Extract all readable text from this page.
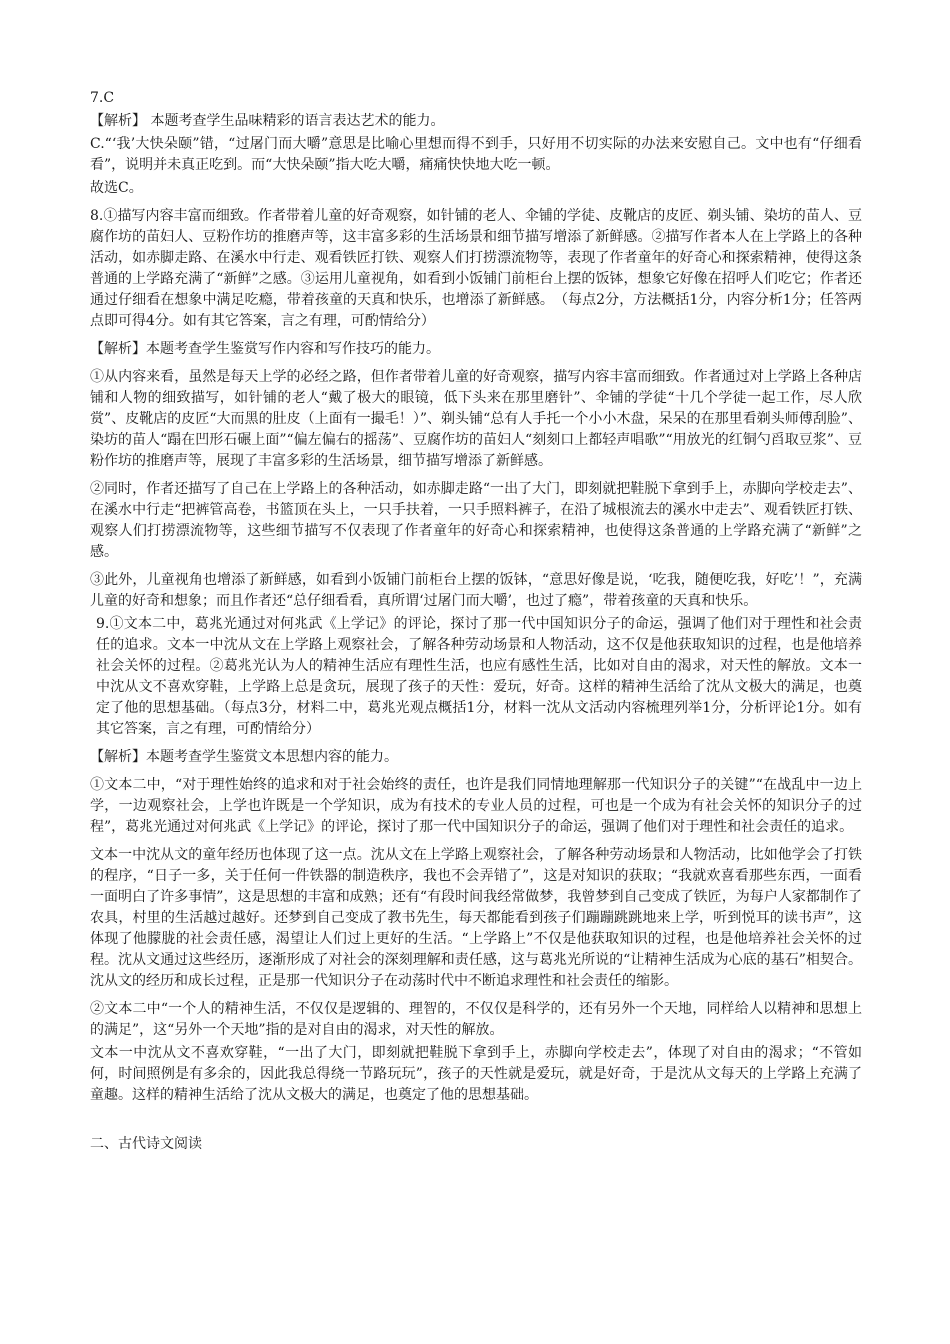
7.C

【解析】 本题考查学生品味精彩的语言表达艺术的能力。

C.“‘我’大快朵颐”错，“过屠门而大嚼”意思是比喻心里想而得不到手，只好用不切实际的办法来安慰自己。文中也有“仔细看看”，说明并未真正吃到。而“大快朵颐”指大吃大嚼，痛痛快快地大吃一顿。

故选C。

8.①描写内容丰富而细致。作者带着儿童的好奇观察，如针铺的老人、伞铺的学徒、皮靴店的皮匠、剃头铺、染坊的苗人、豆腐作坊的苗妇人、豆粉作坊的推磨声等，这丰富多彩的生活场景和细节描写增添了新鲜感。②描写作者本人在上学路上的各种活动，如赤脚走路、在溪水中行走、观看铁匠打铁、观察人们打捞漂流物等，表现了作者童年的好奇心和探索精神，使得这条普通的上学路充满了“新鲜”之感。③运用儿童视角，如看到小饭铺门前柜台上摆的饭钵，想象它好像在招呼人们吃它；作者还通过仔细看在想象中满足吃瘾，带着孩童的天真和快乐，也增添了新鲜感。　（每点2分，方法概括1分，内容分析1分；任答两点即可得4分。如有其它答案，言之有理，可酌情给分）

【解析】本题考查学生鉴赏写作内容和写作技巧的能力。

①从内容来看，虽然是每天上学的必经之路，但作者带着儿童的好奇观察，描写内容丰富而细致。作者通过对上学路上各种店铺和人物的细致描写，如针铺的老人“戴了极大的眼镜，低下头来在那里磨针”、伞铺的学徒“十几个学徒一起工作，尽人欣赏”、皮靴店的皮匠“大而黑的肚皮（上面有一撮毛！）”、剃头铺“总有人手托一个小小木盘，呆呆的在那里看剃头师傅刮脸”、染坊的苗人“蹋在凹形石碾上面”“偏左偏右的摇荡”、豆腐作坊的苗妇人“刻刻口上都轻声唱歌”“用放光的红铜勺舀取豆浆”、豆粉作坊的推磨声等，展现了丰富多彩的生活场景，细节描写增添了新鲜感。

②同时，作者还描写了自己在上学路上的各种活动，如赤脚走路“一出了大门，即刻就把鞋脱下拿到手上，赤脚向学校走去”、在溪水中行走“把裤管高卷，书篮顶在头上，一只手扶着，一只手照料裤子，在沿了城根流去的溪水中走去”、观看铁匠打铁、观察人们打捞漂流物等，这些细节描写不仅表现了作者童年的好奇心和探索精神，也使得这条普通的上学路充满了“新鲜”之感。

③此外，儿童视角也增添了新鲜感，如看到小饭铺门前柜台上摆的饭钵，“意思好像是说，‘吃我，随便吃我，好吃’！”，充满儿童的好奇和想象；而且作者还“总仔细看看，真所谓‘过屠门而大嚼’，也过了瘾”，带着孩童的天真和快乐。

9.①文本二中，葛兆光通过对何兆武《上学记》的评论，探讨了那一代中国知识分子的命运，强调了他们对于理性和社会责任的追求。文本一中沈从文在上学路上观察社会，了解各种劳动场景和人物活动，这不仅是他获取知识的过程，也是他培养社会关怀的过程。②葛兆光认为人的精神生活应有理性生活，也应有感性生活，比如对自由的渴求，对天性的解放。文本一中沈从文不喜欢穿鞋，上学路上总是贪玩，展现了孩子的天性：爱玩，好奇。这样的精神生活给了沈从文极大的满足，也奠定了他的思想基础。（每点3分，材料二中，葛兆光观点概括1分，材料一沈从文活动内容梳理列举1分，分析评论1分。如有其它答案，言之有理，可酌情给分）

【解析】本题考查学生鉴赏文本思想内容的能力。

①文本二中，“对于理性始终的追求和对于社会始终的责任，也许是我们同情地理解那一代知识分子的关键”“在战乱中一边上学，一边观察社会，上学也许既是一个学知识，成为有技术的专业人员的过程，可也是一个成为有社会关怀的知识分子的过程”，葛兆光通过对何兆武《上学记》的评论，探讨了那一代中国知识分子的命运，强调了他们对于理性和社会责任的追求。

文本一中沈从文的童年经历也体现了这一点。沈从文在上学路上观察社会，了解各种劳动场景和人物活动，比如他学会了打铁的程序，“日子一多，关于任何一件铁器的制造秩序，我也不会弄错了”，这是对知识的获取；“我就欢喜看那些东西，一面看一面明白了许多事情”，这是思想的丰富和成熟；还有“有段时间我经常做梦，我曾梦到自己变成了铁匠，为每户人家都制作了农具，村里的生活越过越好。还梦到自己变成了教书先生，每天都能看到孩子们蹦蹦跳跳地来上学，听到悦耳的读书声”，这体现了他朦胧的社会责任感，渴望让人们过上更好的生活。“上学路上”不仅是他获取知识的过程，也是他培养社会关怀的过程。沈从文通过这些经历，逐渐形成了对社会的深刻理解和责任感，这与葛兆光所说的“让精神生活成为心底的基石”相契合。沈从文的经历和成长过程，正是那一代知识分子在动荡时代中不断追求理性和社会责任的缩影。

②文本二中“一个人的精神生活，不仅仅是逻辑的、理智的，不仅仅是科学的，还有另外一个天地，同样给人以精神和思想上的满足”，这“另外一个天地”指的是对自由的渴求，对天性的解放。

文本一中沈从文不喜欢穿鞋，“一出了大门，即刻就把鞋脱下拿到手上，赤脚向学校走去”，体现了对自由的渴求；“不管如何，时间照例是有多余的，因此我总得绕一节路玩玩”，孩子的天性就是爱玩，就是好奇，于是沈从文每天的上学路上充满了童趣。这样的精神生活给了沈从文极大的满足，也奠定了他的思想基础。

二、古代诗文阅读
